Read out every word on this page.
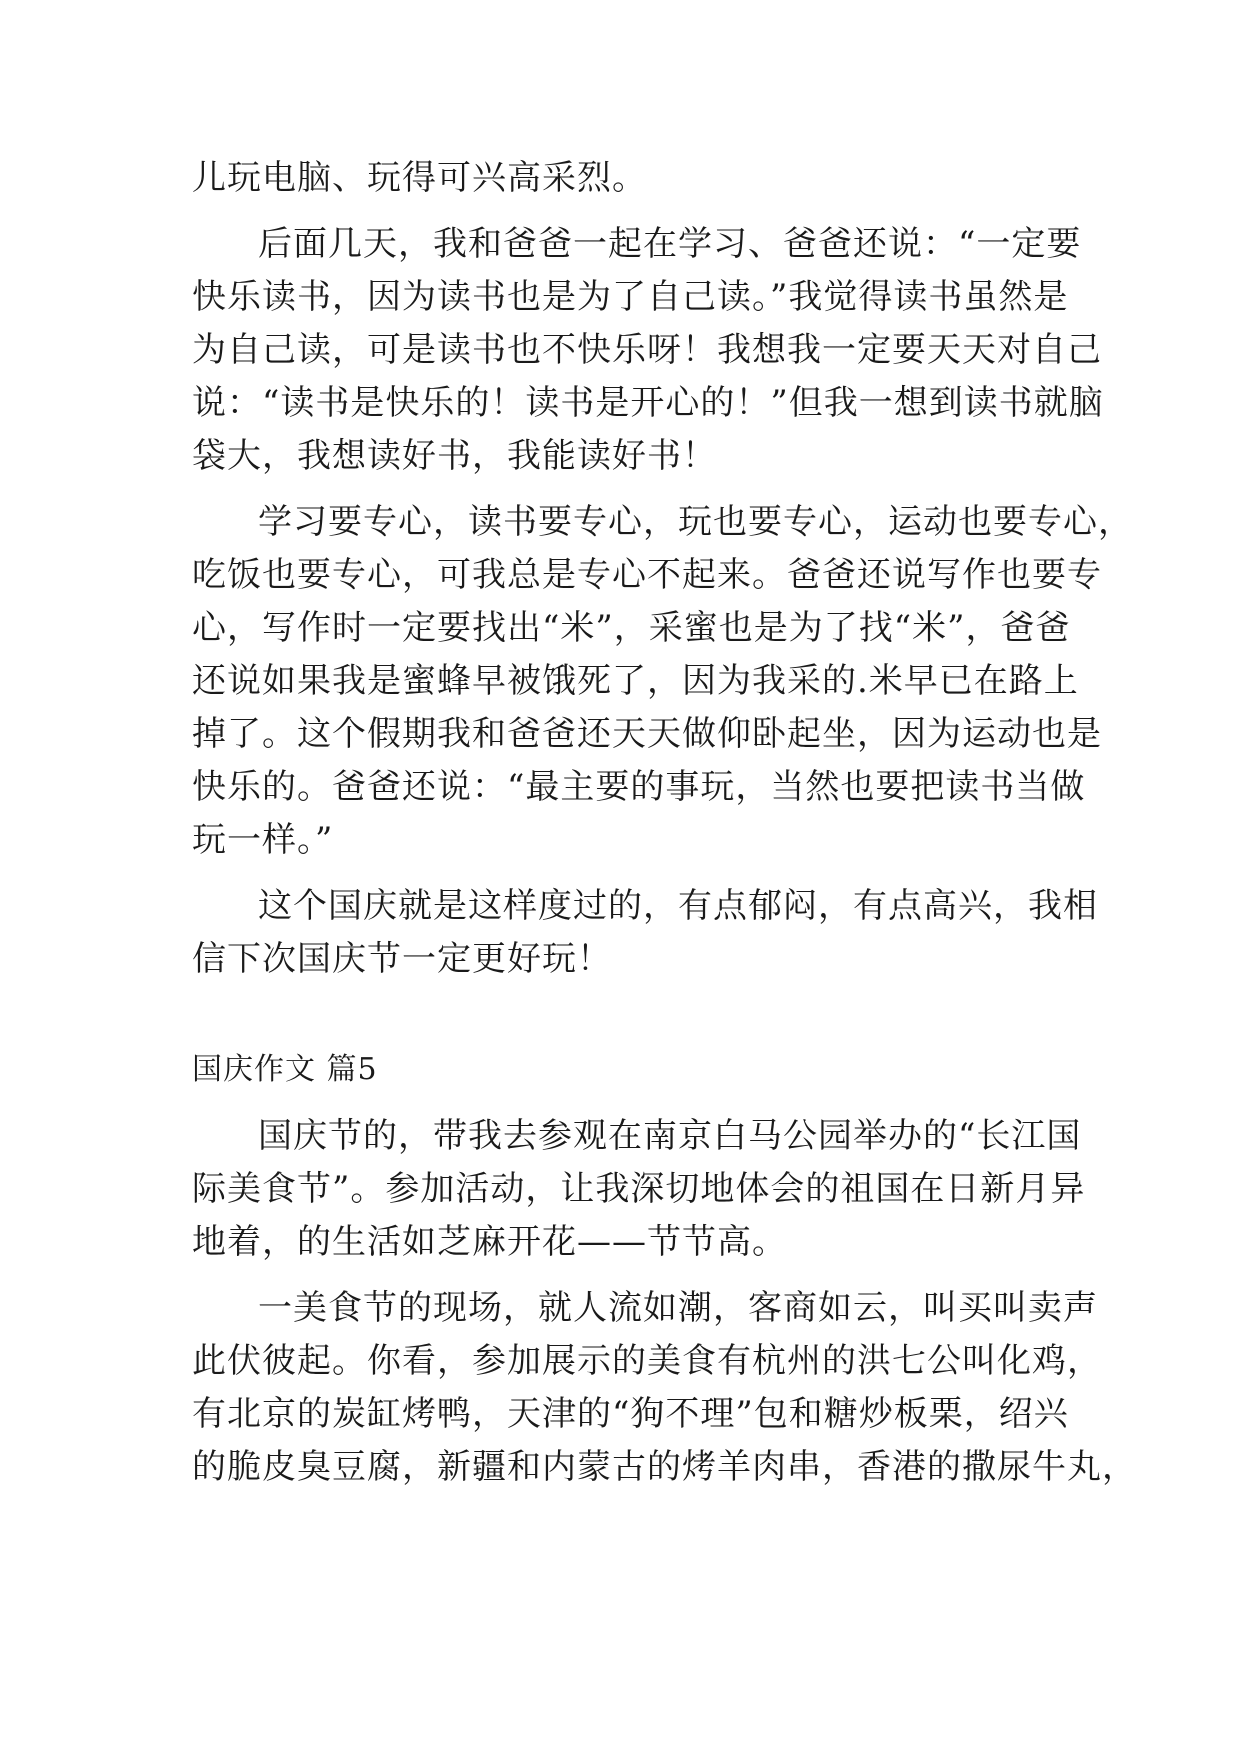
儿玩电脑、玩得可兴高采烈。
后面几天，我和爸爸一起在学习、爸爸还说：“一定要
快乐读书，因为读书也是为了自己读。”我觉得读书虽然是
为自己读，可是读书也不快乐呀！我想我一定要天天对自己
说：“读书是快乐的！读书是开心的！”但我一想到读书就脑
袋大，我想读好书，我能读好书！
学习要专心，读书要专心，玩也要专心，运动也要专心，
吃饭也要专心，可我总是专心不起来。爸爸还说写作也要专
心，写作时一定要找出“米”，采蜜也是为了找“米”，爸爸
还说如果我是蜜蜂早被饿死了，因为我采的.米早已在路上
掉了。这个假期我和爸爸还天天做仰卧起坐，因为运动也是
快乐的。爸爸还说：“最主要的事玩，当然也要把读书当做
玩一样。”
这个国庆就是这样度过的，有点郁闷，有点高兴，我相
信下次国庆节一定更好玩！
国庆作文 篇5
国庆节的，带我去参观在南京白马公园举办的“长江国
际美食节”。参加活动，让我深切地体会的祖国在日新月异
地着，的生活如芝麻开花——节节高。
一美食节的现场，就人流如潮，客商如云，叫买叫卖声
此伏彼起。你看，参加展示的美食有杭州的洪七公叫化鸡，
有北京的炭缸烤鸭，天津的“狗不理”包和糖炒板栗，绍兴
的脆皮臭豆腐，新疆和内蒙古的烤羊肉串，香港的撒尿牛丸，
